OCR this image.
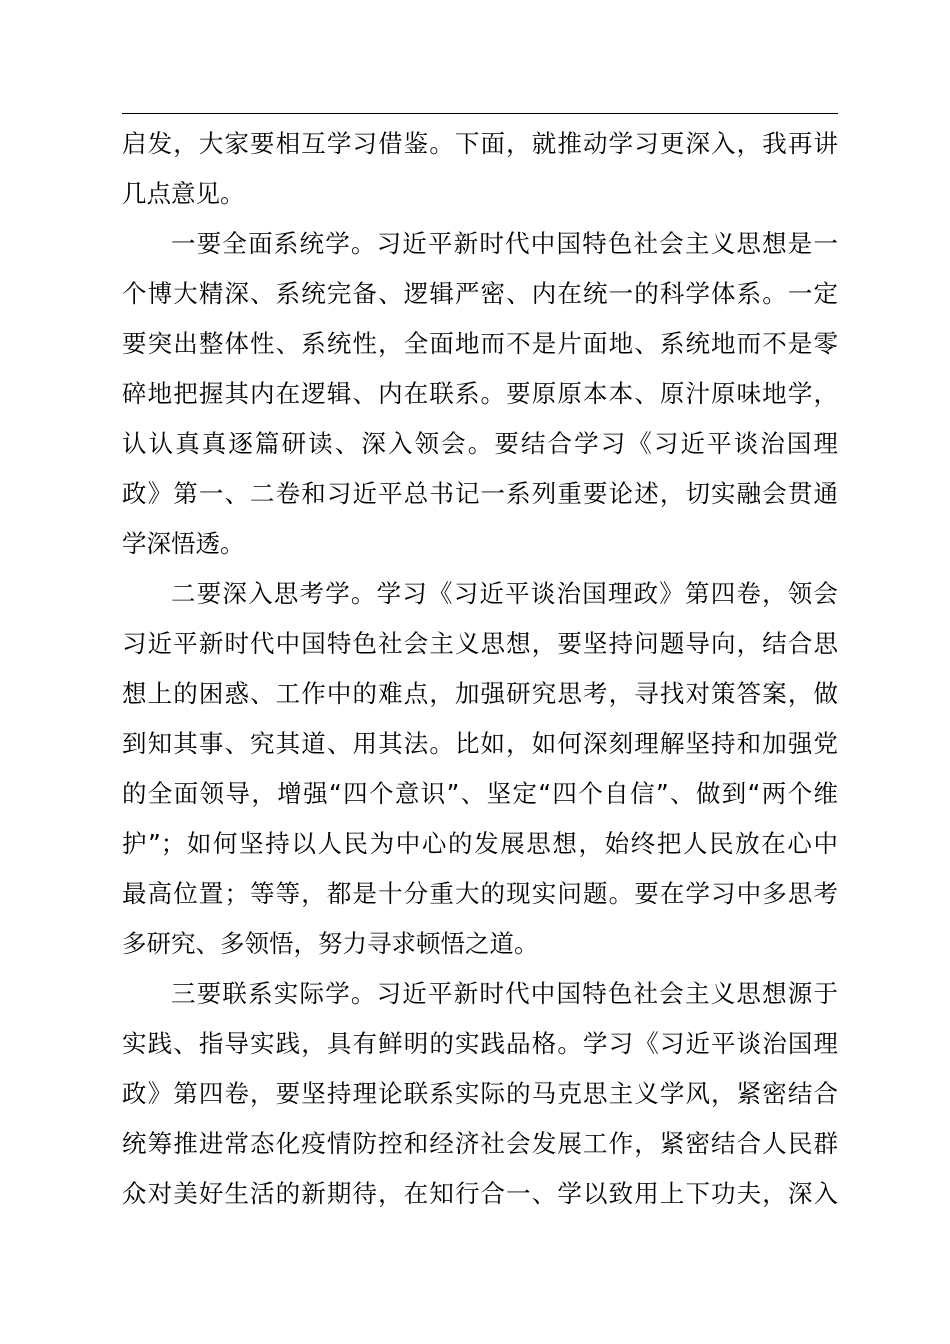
启发，大家要相互学习借鉴。下面，就推动学习更深入，我再讲
几点意见。
一要全面系统学。习近平新时代中国特色社会主义思想是一
个博大精深、系统完备、逻辑严密、内在统一的科学体系。一定
要突出整体性、系统性，全面地而不是片面地、系统地而不是零
碎地把握其内在逻辑、内在联系。要原原本本、原汁原味地学，
认认真真逐篇研读、深入领会。要结合学习《习近平谈治国理
政》第一、二卷和习近平总书记一系列重要论述，切实融会贯通
学深悟透。
二要深入思考学。学习《习近平谈治国理政》第四卷，领会
习近平新时代中国特色社会主义思想，要坚持问题导向，结合思
想上的困惑、工作中的难点，加强研究思考，寻找对策答案，做
到知其事、究其道、用其法。比如，如何深刻理解坚持和加强党
的全面领导，增强“四个意识”、坚定“四个自信”、做到“两个维
护”；如何坚持以人民为中心的发展思想，始终把人民放在心中
最高位置；等等，都是十分重大的现实问题。要在学习中多思考
多研究、多领悟，努力寻求顿悟之道。
三要联系实际学。习近平新时代中国特色社会主义思想源于
实践、指导实践，具有鲜明的实践品格。学习《习近平谈治国理
政》第四卷，要坚持理论联系实际的马克思主义学风，紧密结合
统筹推进常态化疫情防控和经济社会发展工作，紧密结合人民群
众对美好生活的新期待，在知行合一、学以致用上下功夫，深入
